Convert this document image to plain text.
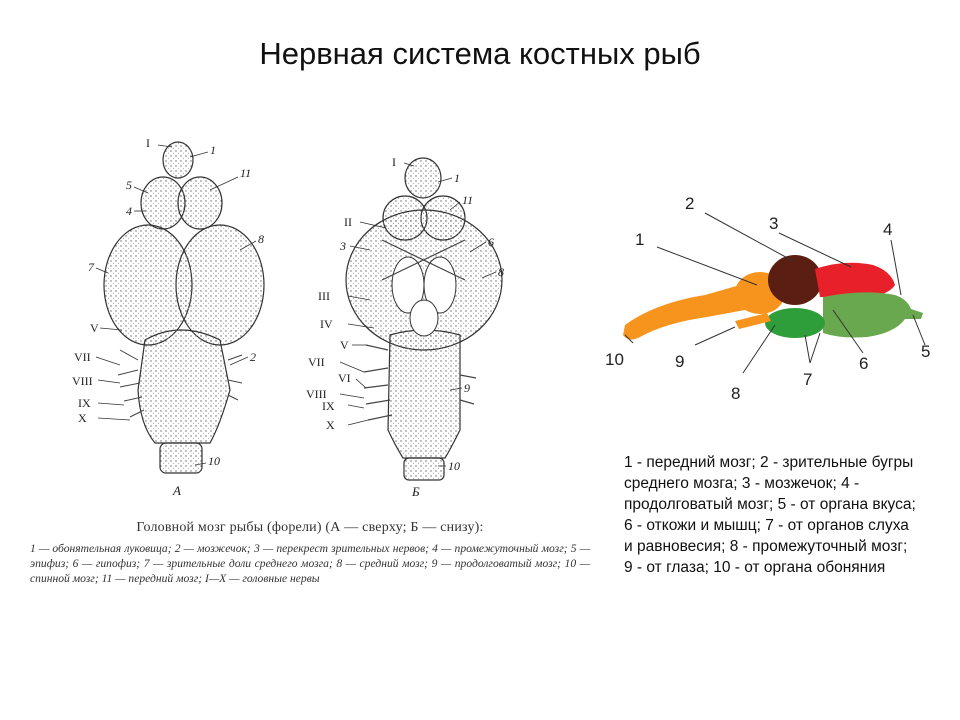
Нервная система костных рыб
I	1
11
5
4
8
7
V
2
VII
VIII
IX
X
10
А
I
1
II
11
3	6
8
III
IV
V
VII
VI
VIII
IX
X
9
10
Б
Головной мозг рыбы (форели) (А — сверху; Б — снизу):
1 — обонятельная луковица; 2 — мозжечок; 3 — перекрест зрительных нервов; 4 — промежуточный мозг; 5 — эпифиз; 6 — гипофиз; 7 — зрительные доли среднего мозга; 8 — средний мозг; 9 — продолговатый мозг; 10 — спинной мозг; 11 — передний мозг; I—X — головные нервы
1
2
3	4
5
6
7
8
9
10
1 - передний мозг; 2 - зрительные бугры среднего мозга; 3 - мозжечок; 4 - продолговатый мозг; 5 - от органа вкуса; 6 - откожи и мышц; 7 - от органов слуха и равновесия; 8 - промежуточный мозг; 9 - от глаза; 10 - от органа обоняния
